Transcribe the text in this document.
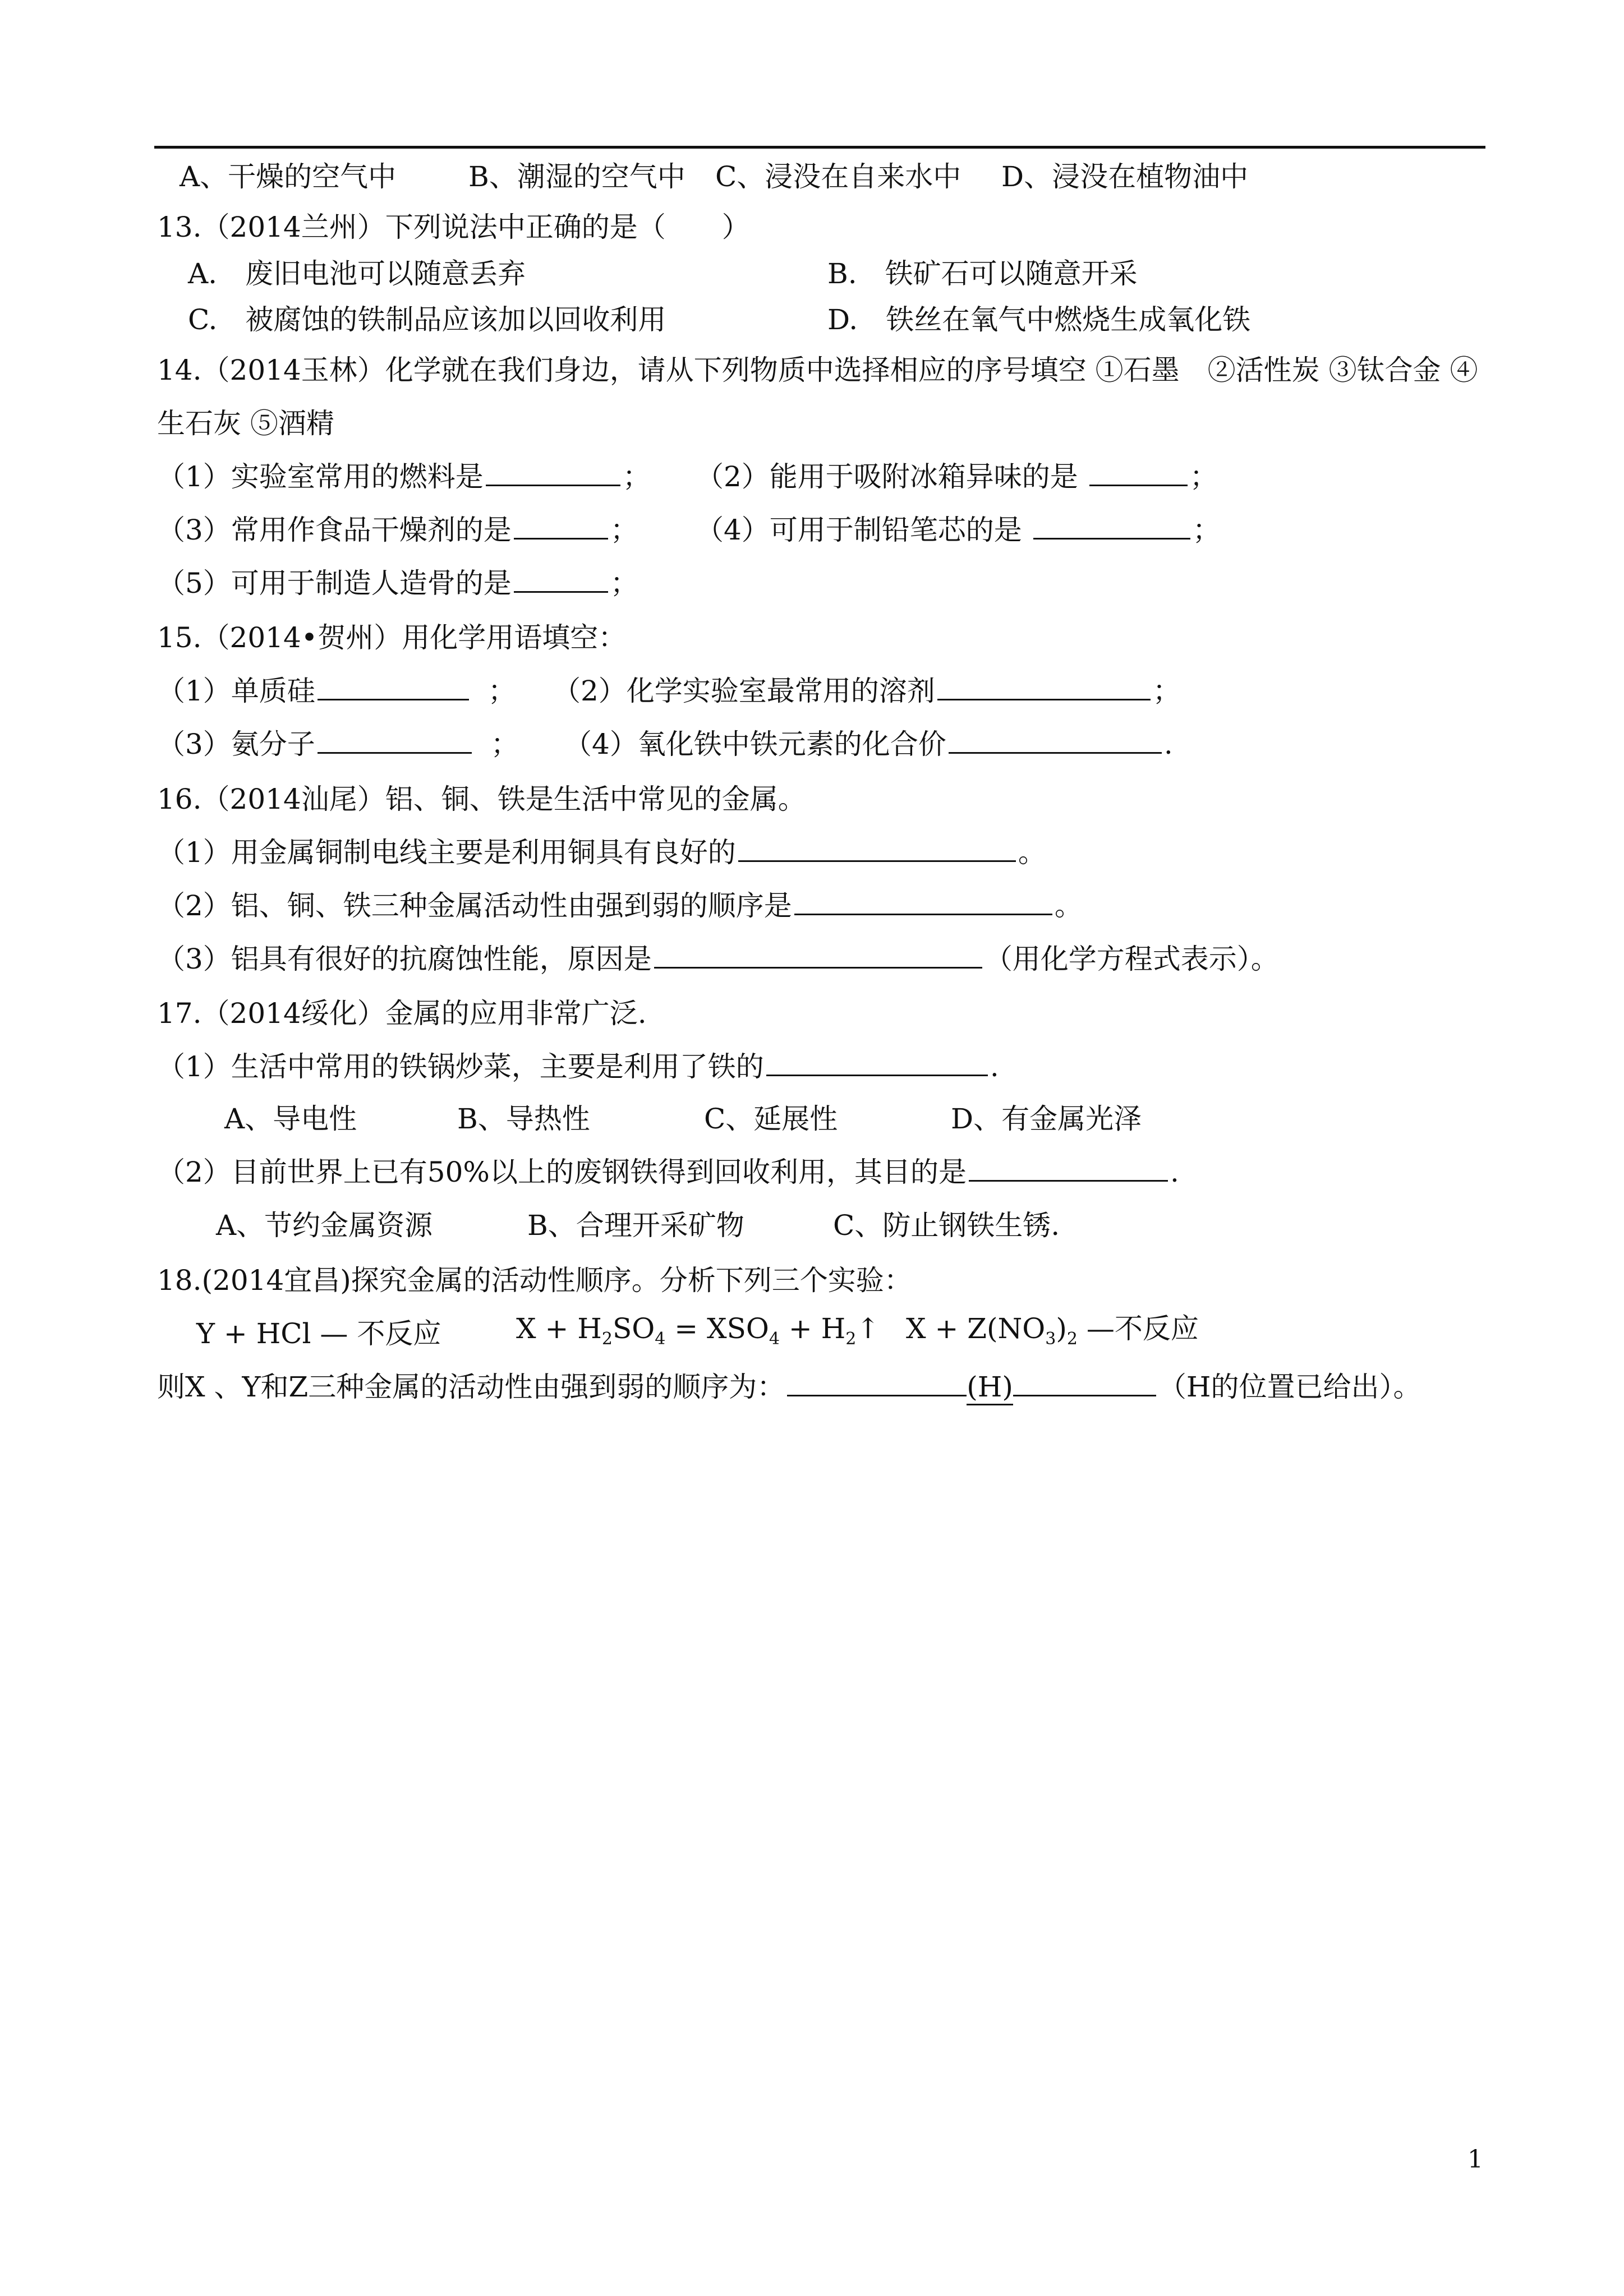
A、干燥的空气中	B、潮湿的空气中 C、浸没在自来水中 D、浸没在植物油中
13.（2014兰州）下列说法中正确的是（　　）
A.　废旧电池可以随意丢弃	B.　铁矿石可以随意开采
C.　被腐蚀的铁制品应该加以回收利用	D.　铁丝在氧气中燃烧生成氧化铁
14.（2014玉林）化学就在我们身边，请从下列物质中选择相应的序号填空 ①石墨　②活性炭 ③钛合金 ④
生石灰 ⑤酒精
（1）实验室常用的燃料是	； （2）能用于吸附冰箱异味的是	；
（3）常用作食品干燥剂的是	； （4）可用于制铅笔芯的是	；
（5）可用于制造人造骨的是	；
15.（2014•贺州）用化学用语填空：
（1）单质硅	； （2）化学实验室最常用的溶剂	；
（3）氨分子	； （4）氧化铁中铁元素的化合价	.
16.（2014汕尾）铝、铜、铁是生活中常见的金属。
（1）用金属铜制电线主要是利用铜具有良好的	。
（2）铝、铜、铁三种金属活动性由强到弱的顺序是	。
（3）铝具有很好的抗腐蚀性能，原因是	（用化学方程式表示）。
17.（2014绥化）金属的应用非常广泛.
（1）生活中常用的铁锅炒菜，主要是利用了铁的	.
A、导电性	B、导热性	C、延展性	D、有金属光泽
（2）目前世界上已有50%以上的废钢铁得到回收利用，其目的是	.
A、节约金属资源	B、合理开采矿物	C、防止钢铁生锈.
18.(2014宜昌)探究金属的活动性顺序。分析下列三个实验：
Y + HCl — 不反应	$X + H_2SO_4 = XSO_4$ + $H_2↑$ $X + Z(NO_3)_2$ —不反应
则X 、Y和Z三种金属的活动性由强到弱的顺序为：	(H)	（H的位置已给出）。
1
